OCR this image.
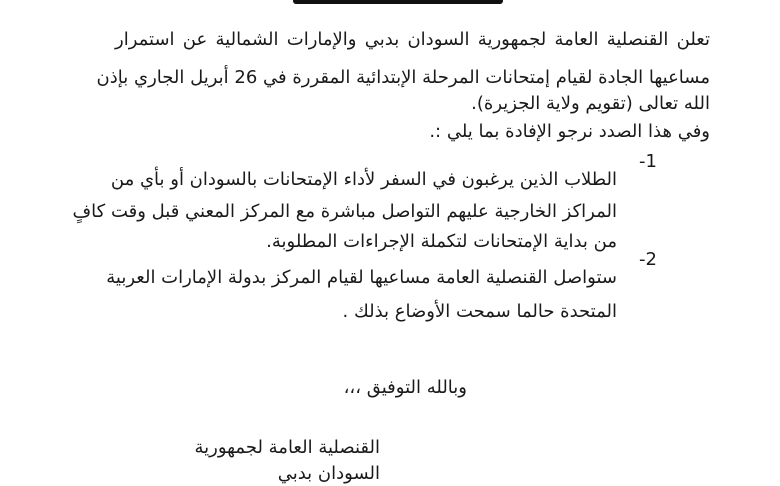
تعلن القنصلية العامة لجمهورية السودان بدبي والإمارات الشمالية عن استمرار

مساعيها الجادة لقيام إمتحانات المرحلة الإبتدائية المقررة في 26 أبريل الجاري بإذن

الله تعالى (تقويم ولاية الجزيرة).

وفي هذا الصدد نرجو الإفادة بما يلي :.

-1

الطلاب الذين يرغبون في السفر لأداء الإمتحانات بالسودان أو بأي من

المراكز الخارجية عليهم التواصل مباشرة مع المركز المعني قبل وقت كافٍ

من بداية الإمتحانات لتكملة الإجراءات المطلوبة.

-2

ستواصل القنصلية العامة مساعيها لقيام المركز بدولة الإمارات العربية

المتحدة حالما سمحت الأوضاع بذلك .

وبالله التوفيق ،،،

القنصلية العامة لجمهورية

السودان بدبي
